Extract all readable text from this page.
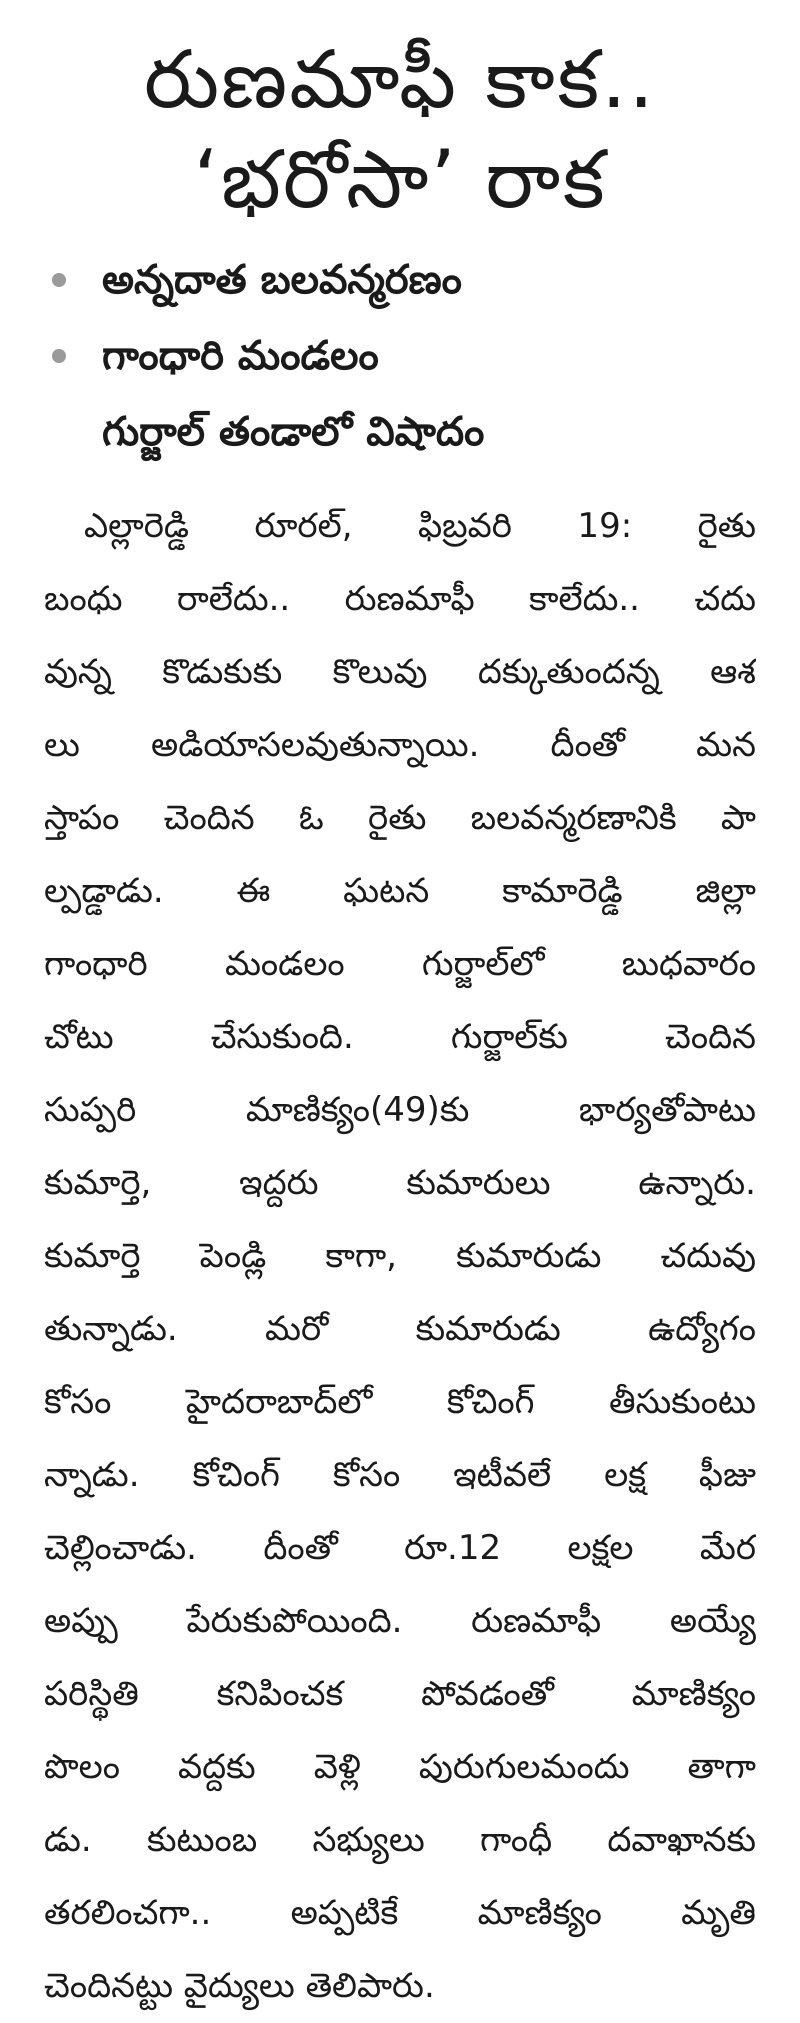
రుణమాఫీ కాక..
‘భరోసా’ రాక
అన్నదాత బలవన్మరణం
గాంధారి మండలం
గుర్జాల్ తండాలో విషాదం
ఎల్లారెడ్డి రూరల్, ఫిబ్రవరి 19: రైతు
బంధు రాలేదు.. రుణమాఫీ కాలేదు.. చదు
వున్న కొడుకుకు కొలువు దక్కుతుందన్న ఆశ
లు అడియాసలవుతున్నాయి. దీంతో మన
స్తాపం చెందిన ఓ రైతు బలవన్మరణానికి పా
ల్పడ్డాడు. ఈ ఘటన కామారెడ్డి జిల్లా
గాంధారి మండలం గుర్జాల్‌లో బుధవారం
చోటు చేసుకుంది. గుర్జాల్‌కు చెందిన
సుప్పరి మాణిక్యం(49)కు భార్యతోపాటు
కుమార్తె, ఇద్దరు కుమారులు ఉన్నారు.
కుమార్తె పెండ్లి కాగా, కుమారుడు చదువు
తున్నాడు. మరో కుమారుడు ఉద్యోగం
కోసం హైదరాబాద్‌లో కోచింగ్ తీసుకుంటు
న్నాడు. కోచింగ్ కోసం ఇటీవలే లక్ష ఫీజు
చెల్లించాడు. దీంతో రూ.12 లక్షల మేర
అప్పు పేరుకుపోయింది. రుణమాఫీ అయ్యే
పరిస్థితి కనిపించక పోవడంతో మాణిక్యం
పొలం వద్దకు వెళ్లి పురుగులమందు తాగా
డు. కుటుంబ సభ్యులు గాంధీ దవాఖానకు
తరలించగా.. అప్పటికే మాణిక్యం మృతి
చెందినట్టు వైద్యులు తెలిపారు.
